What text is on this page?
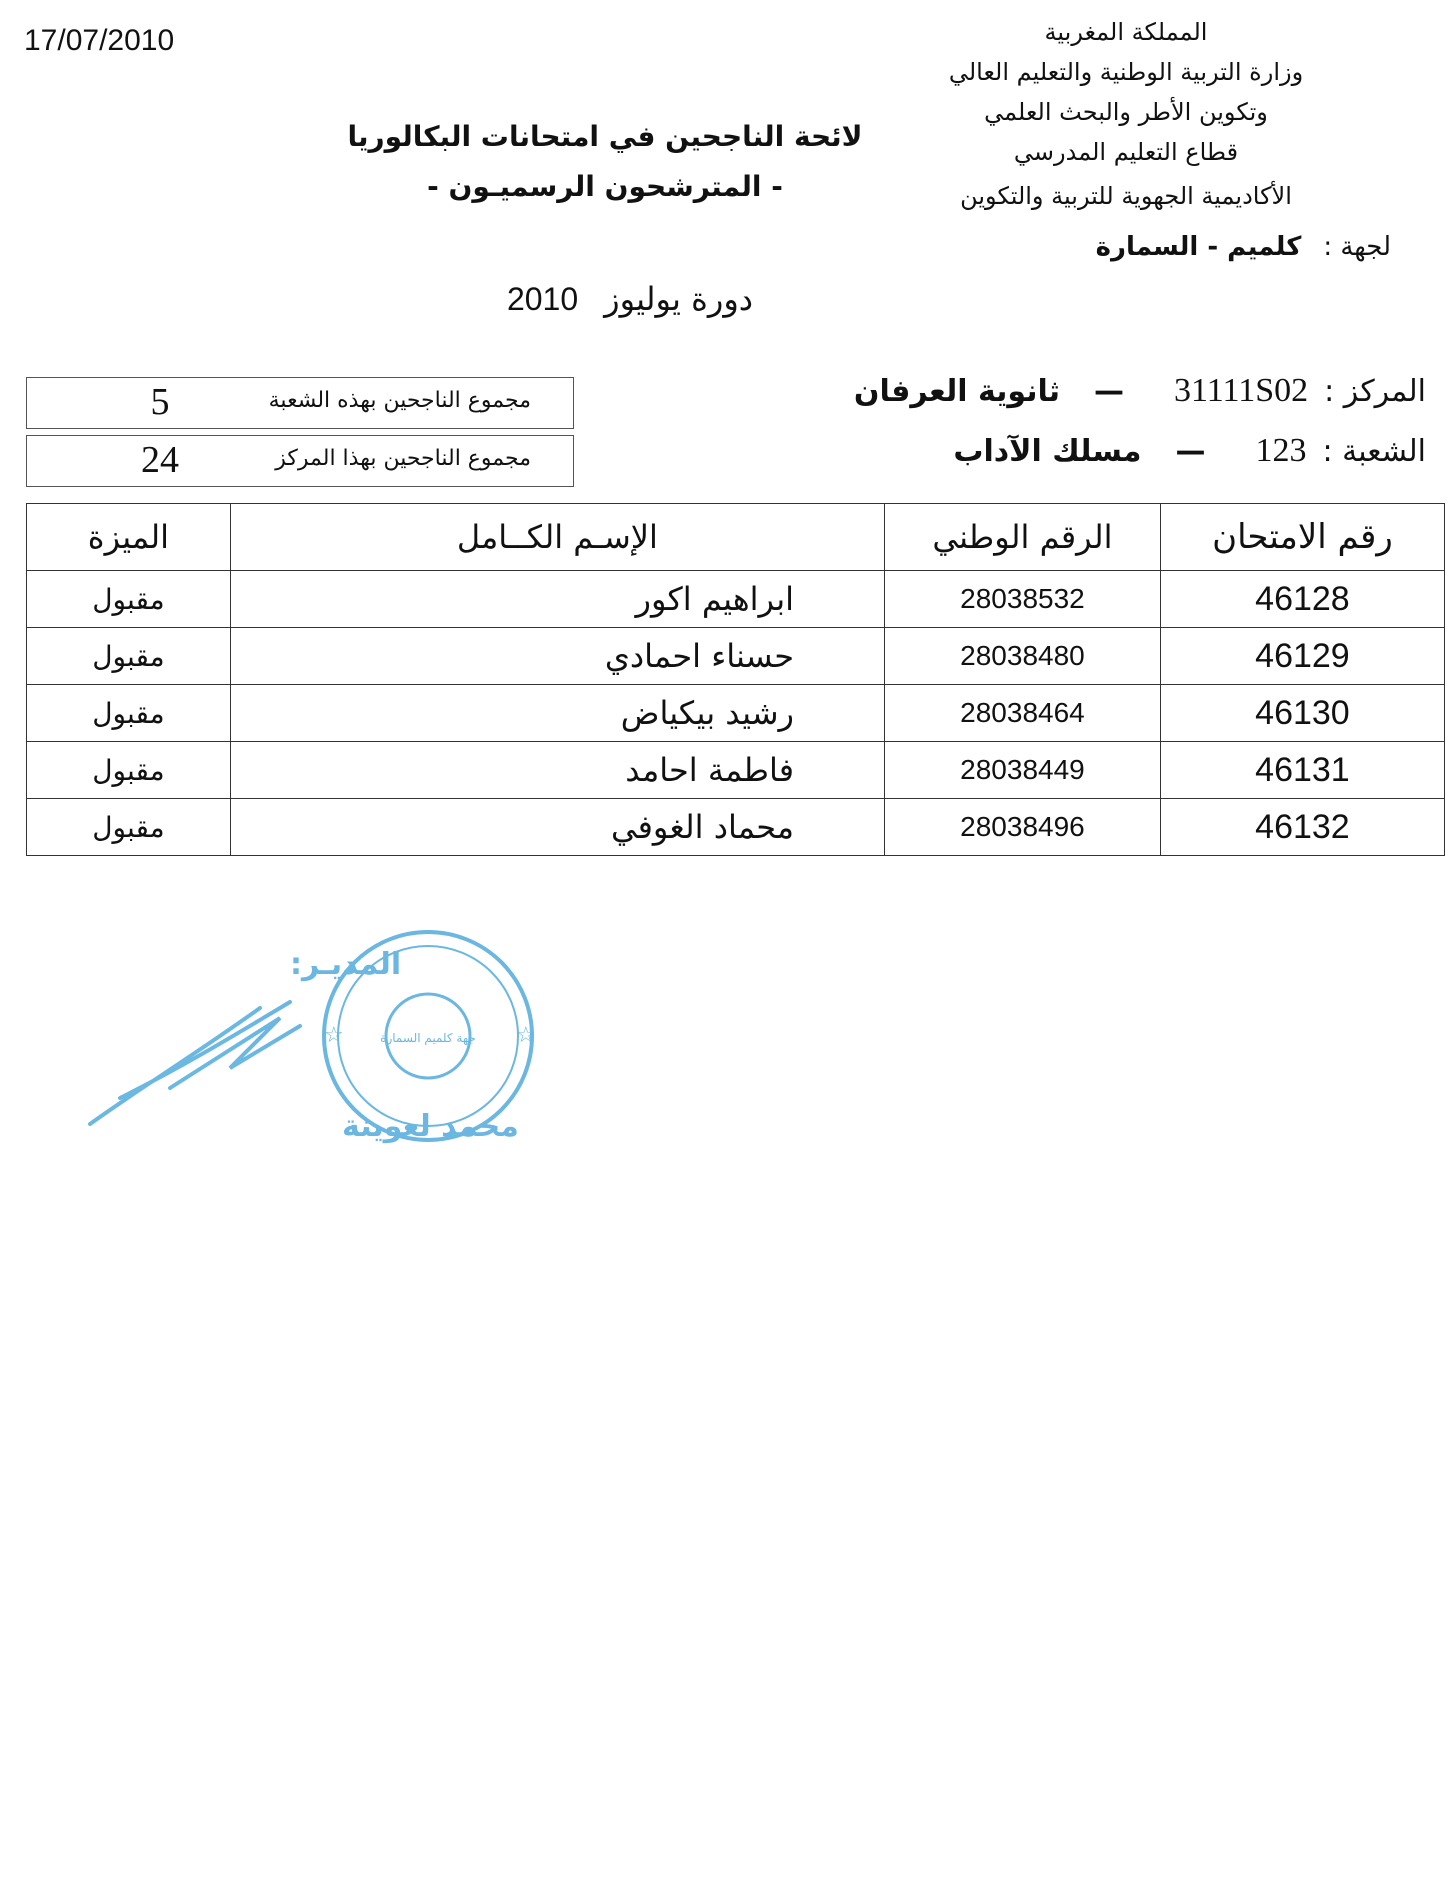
17/07/2010	المملكة المغربية
وزارة التربية الوطنية والتعليم العالي
وتكوين الأطر والبحث العلمي
قطاع التعليم المدرسي
الأكاديمية الجهوية للتربية والتكوين
لجهة :كلميم - السمارة
لائحة الناجحين في امتحانات البكالوريا
- المترشحون الرسميـون -
دورة يوليوز2010
مجموع الناجحين بهذه الشعبة
5
مجموع الناجحين بهذا المركز
24
المركز :31111S02—ثانوية العرفان
الشعبة :123—مسلك الآداب
رقم الامتحان	الرقم الوطني	الإسـم الكــامل	الميزة
46128	28038532	ابراهيم اكور	مقبول
46129	28038480	حسناء احمادي	مقبول
46130	28038464	رشيد بيكياض	مقبول
46131	28038449	فاطمة احامد	مقبول
46132	28038496	محماد الغوفي	مقبول
جهة كلميم السمارة
☆	☆
المديـر:
محمد لعوينة
